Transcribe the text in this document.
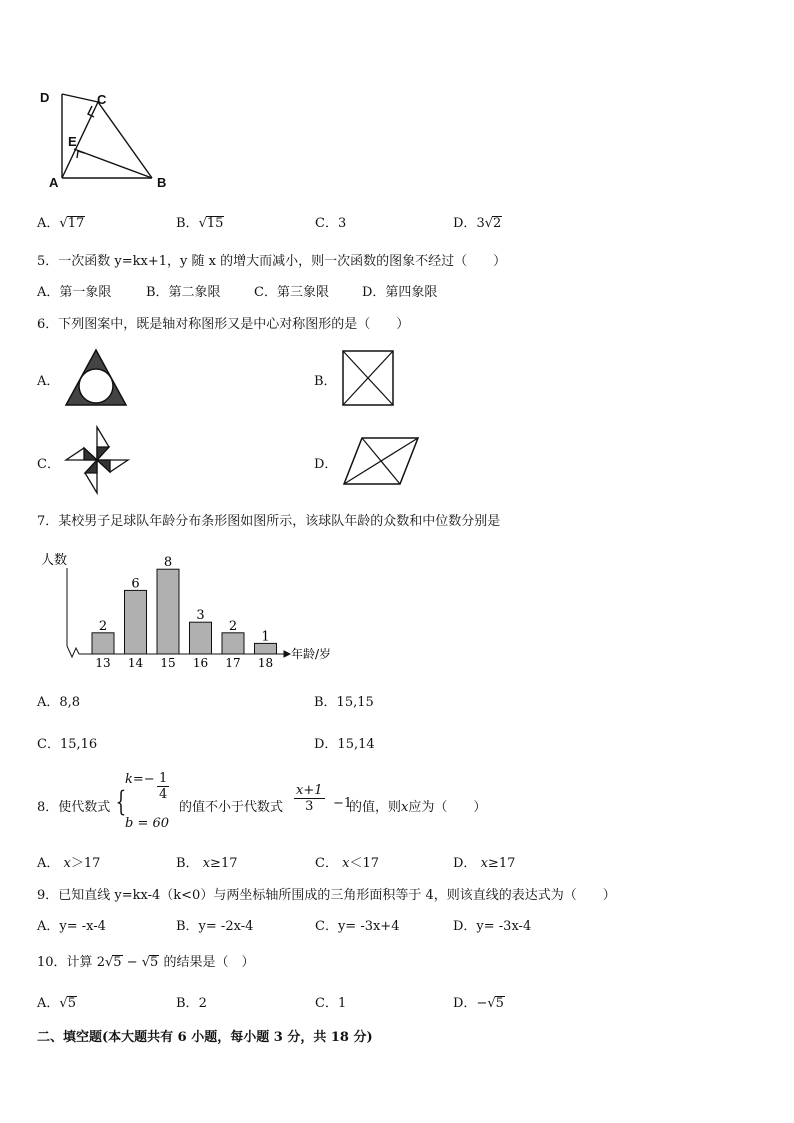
D	C
E
A	B
A．√17	B．√15	C．3	D．3√2
5．一次函数 y=kx+1，y 随 x 的增大而减小，则一次函数的图象不经过（　　）
A．第一象限	B．第二象限	C．第三象限	D．第四象限
6．下列图案中，既是轴对称图形又是中心对称图形的是（　　）
A．	B．
C．	D．
7．某校男子足球队年龄分布条形图如图所示，该球队年龄的众数和中位数分别是
人数
年龄/岁
2
13
6
14
8
15
3
16
2
17
1
18
A．8,8	B．15,15
C．15,16	D．15,14
8．使代数式 {
$k=- \frac{1}{4}$
b = 60
的值不小于代数式 $\frac{x+1}{3} -1$
的值，则x应为（　　）
A． x＞17	B． x≥17	C． x＜17	D． x≥17
9．已知直线 y=kx-4（k<0）与两坐标轴所围成的三角形面积等于 4，则该直线的表达式为（　　）
A．y= -x-4	B．y= -2x-4	C．y= -3x+4	D．y= -3x-4
10．计算 2√5 − √5 的结果是（　）
A．√5	B．2	C．1	D．−√5
二、填空题(本大题共有 6 小题，每小题 3 分，共 18 分)
